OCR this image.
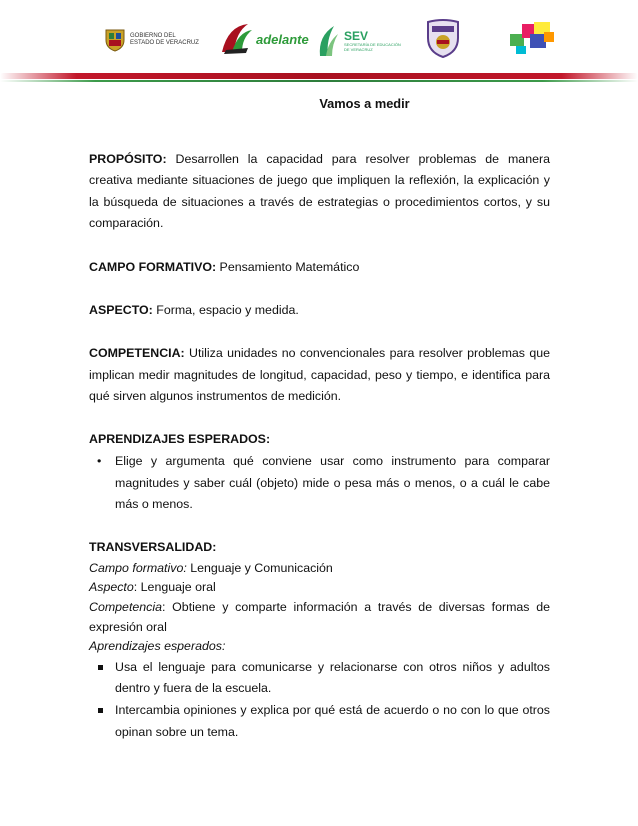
GOBIERNO DEL
ESTADO DE VERACRUZ	adelante	SEV
SECRETARÍA DE EDUCACIÓN
DE VERACRUZ

Vamos a medir

PROPÓSITO: Desarrollen la capacidad para resolver problemas de manera creativa mediante situaciones de juego que impliquen la reflexión, la explicación y la búsqueda de situaciones a través de estrategias o procedimientos cortos, y su comparación.

CAMPO FORMATIVO: Pensamiento Matemático

ASPECTO: Forma, espacio y medida.

COMPETENCIA: Utiliza unidades no convencionales para resolver problemas que implican medir magnitudes de longitud, capacidad, peso y tiempo, e identifica para qué sirven algunos instrumentos de medición.

APRENDIZAJES ESPERADOS:

• Elige y argumenta qué conviene usar como instrumento para comparar magnitudes y saber cuál (objeto) mide o pesa más o menos, o a cuál le cabe más o menos.

TRANSVERSALIDAD:

Campo formativo: Lenguaje y Comunicación

Aspecto: Lenguaje oral

Competencia: Obtiene y comparte información a través de diversas formas de expresión oral

Aprendizajes esperados:

Usa el lenguaje para comunicarse y relacionarse con otros niños y adultos dentro y fuera de la escuela.
Intercambia opiniones y explica por qué está de acuerdo o no con lo que otros opinan sobre un tema.
